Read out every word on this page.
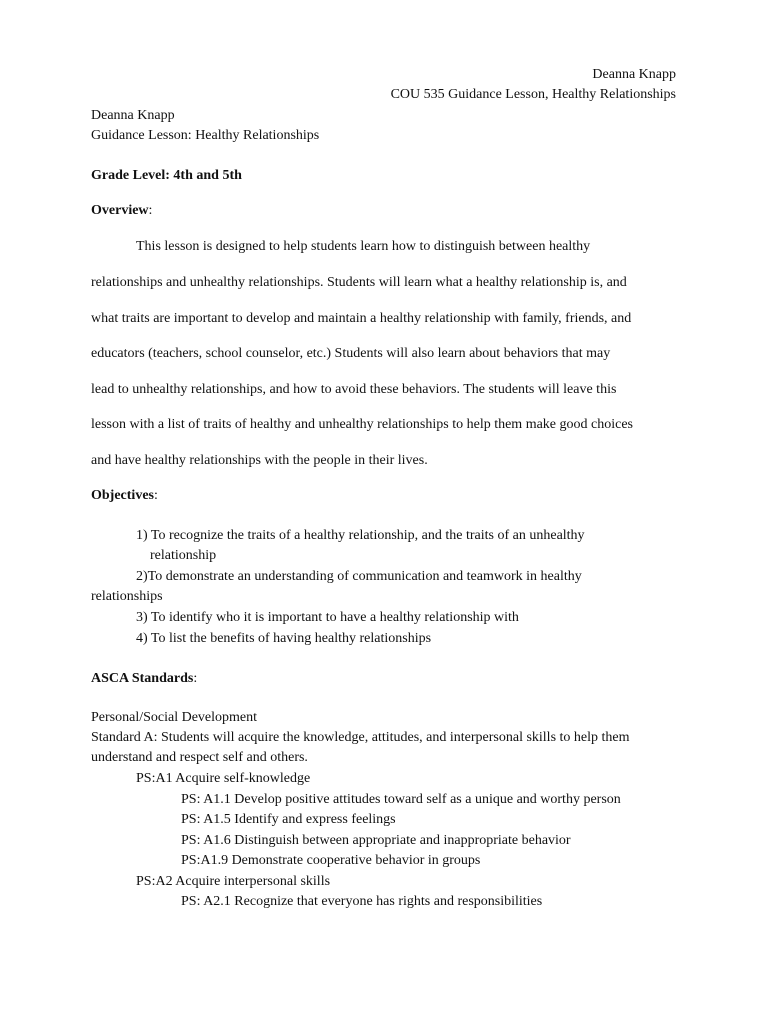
Deanna Knapp
COU 535 Guidance Lesson, Healthy Relationships
Deanna Knapp
Guidance Lesson: Healthy Relationships
Grade Level: 4th and 5th
Overview:
This lesson is designed to help students learn how to distinguish between healthy
relationships and unhealthy relationships. Students will learn what a healthy relationship is, and
what traits are important to develop and maintain a healthy relationship with family, friends, and
educators (teachers, school counselor, etc.) Students will also learn about behaviors that may
lead to unhealthy relationships, and how to avoid these behaviors. The students will leave this
lesson with a list of traits of healthy and unhealthy relationships to help them make good choices
and have healthy relationships with the people in their lives.
Objectives:
1) To recognize the traits of a healthy relationship, and the traits of an unhealthy
relationship
2)To demonstrate an understanding of communication and teamwork in healthy
relationships
3) To identify who it is important to have a healthy relationship with
4) To list the benefits of having healthy relationships
ASCA Standards:
Personal/Social Development
Standard A: Students will acquire the knowledge, attitudes, and interpersonal skills to help them
understand and respect self and others.
PS:A1 Acquire self-knowledge
PS: A1.1 Develop positive attitudes toward self as a unique and worthy person
PS: A1.5 Identify and express feelings
PS: A1.6 Distinguish between appropriate and inappropriate behavior
PS:A1.9 Demonstrate cooperative behavior in groups
PS:A2 Acquire interpersonal skills
PS: A2.1 Recognize that everyone has rights and responsibilities
